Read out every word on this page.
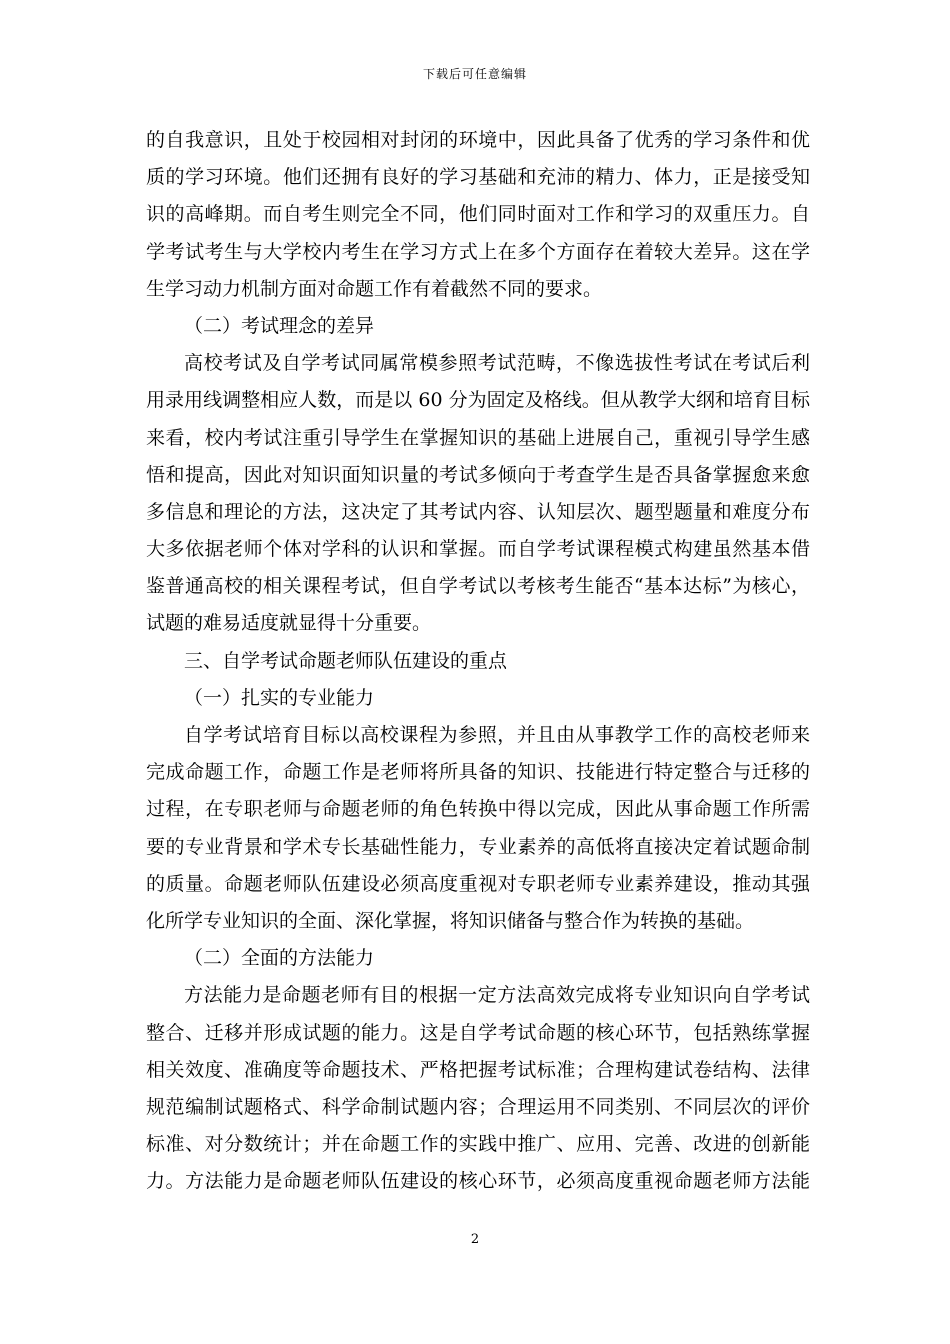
下载后可任意编辑
的自我意识，且处于校园相对封闭的环境中，因此具备了优秀的学习条件和优
质的学习环境。他们还拥有良好的学习基础和充沛的精力、体力，正是接受知
识的高峰期。而自考生则完全不同，他们同时面对工作和学习的双重压力。自
学考试考生与大学校内考生在学习方式上在多个方面存在着较大差异。这在学
生学习动力机制方面对命题工作有着截然不同的要求。
（二）考试理念的差异
高校考试及自学考试同属常模参照考试范畴，不像选拔性考试在考试后利
用录用线调整相应人数，而是以 60 分为固定及格线。但从教学大纲和培育目标
来看，校内考试注重引导学生在掌握知识的基础上进展自己，重视引导学生感
悟和提高，因此对知识面知识量的考试多倾向于考查学生是否具备掌握愈来愈
多信息和理论的方法，这决定了其考试内容、认知层次、题型题量和难度分布
大多依据老师个体对学科的认识和掌握。而自学考试课程模式构建虽然基本借
鉴普通高校的相关课程考试，但自学考试以考核考生能否“基本达标”为核心，
试题的难易适度就显得十分重要。
三、自学考试命题老师队伍建设的重点
（一）扎实的专业能力
自学考试培育目标以高校课程为参照，并且由从事教学工作的高校老师来
完成命题工作，命题工作是老师将所具备的知识、技能进行特定整合与迁移的
过程，在专职老师与命题老师的角色转换中得以完成，因此从事命题工作所需
要的专业背景和学术专长基础性能力，专业素养的高低将直接决定着试题命制
的质量。命题老师队伍建设必须高度重视对专职老师专业素养建设，推动其强
化所学专业知识的全面、深化掌握，将知识储备与整合作为转换的基础。
（二）全面的方法能力
方法能力是命题老师有目的根据一定方法高效完成将专业知识向自学考试
整合、迁移并形成试题的能力。这是自学考试命题的核心环节，包括熟练掌握
相关效度、准确度等命题技术、严格把握考试标准；合理构建试卷结构、法律
规范编制试题格式、科学命制试题内容；合理运用不同类别、不同层次的评价
标准、对分数统计；并在命题工作的实践中推广、应用、完善、改进的创新能
力。方法能力是命题老师队伍建设的核心环节，必须高度重视命题老师方法能
2
